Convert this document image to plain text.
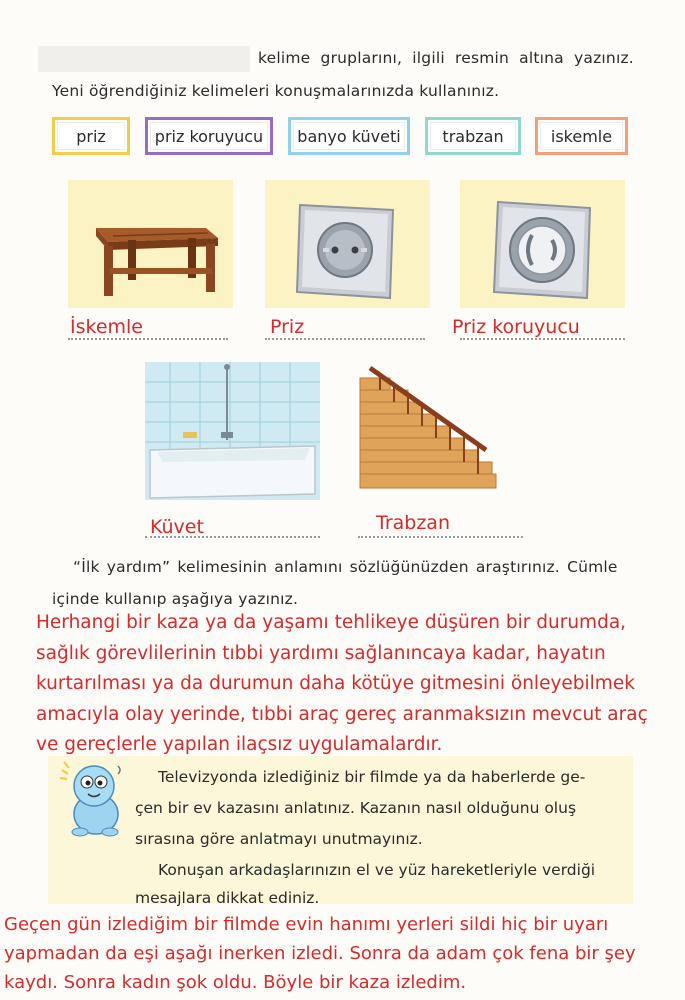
kelime gruplarını, ilgili resmin altına yazınız.
Yeni öğrendiğiniz kelimeleri konuşmalarınızda kullanınız.
priz	priz koruyucu banyo küveti	trabzan	iskemle
İskemle	Priz	Priz koruyucu
Küvet	Trabzan
“İlk yardım” kelimesinin anlamını sözlüğünüzden araştırınız. Cümle
içinde kullanıp aşağıya yazınız.
Herhangi bir kaza ya da yaşamı tehlikeye düşüren bir durumda,
sağlık görevlilerinin tıbbi yardımı sağlanıncaya kadar, hayatın
kurtarılması ya da durumun daha kötüye gitmesini önleyebilmek
amacıyla olay yerinde, tıbbi araç gereç aranmaksızın mevcut araç
ve gereçlerle yapılan ilaçsız uygulamalardır.
Televizyonda izlediğiniz bir filmde ya da haberlerde ge-
çen bir ev kazasını anlatınız. Kazanın nasıl olduğunu oluş
sırasına göre anlatmayı unutmayınız.
Konuşan arkadaşlarınızın el ve yüz hareketleriyle verdiği
mesajlara dikkat ediniz.
Geçen gün izlediğim bir filmde evin hanımı yerleri sildi hiç bir uyarı
yapmadan da eşi aşağı inerken izledi. Sonra da adam çok fena bir şey
kaydı. Sonra kadın şok oldu. Böyle bir kaza izledim.
